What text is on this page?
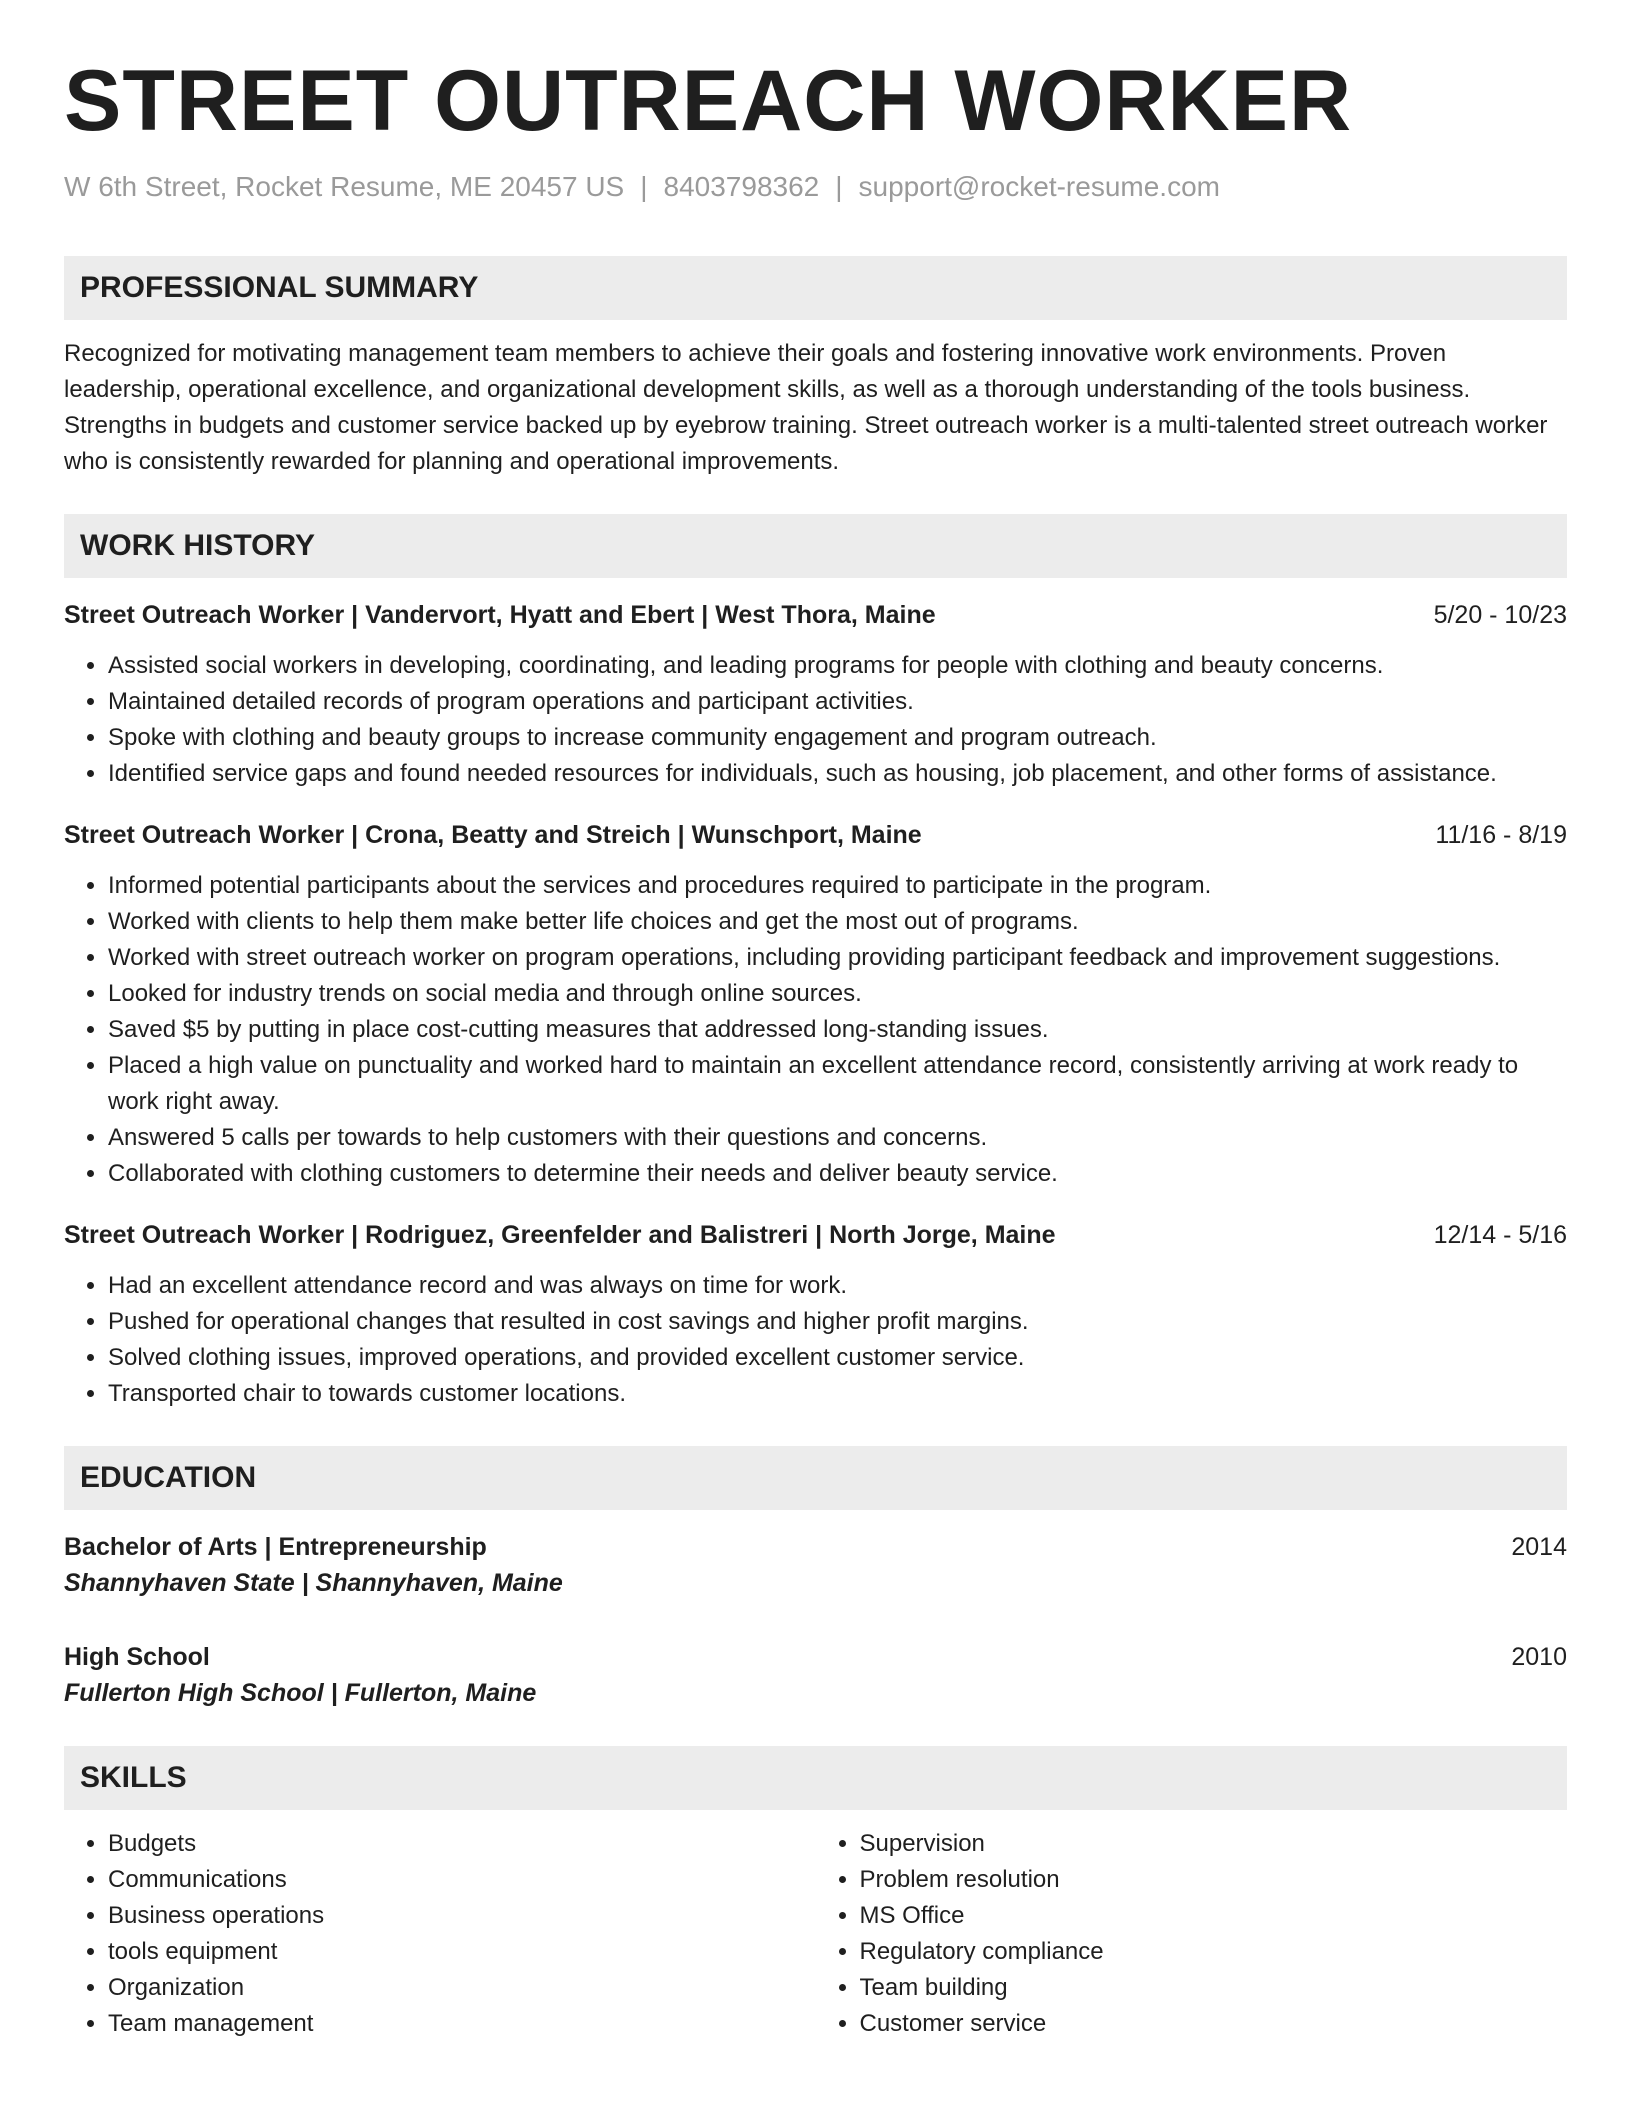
STREET OUTREACH WORKER
W 6th Street, Rocket Resume, ME 20457 US | 8403798362 | support@rocket-resume.com
PROFESSIONAL SUMMARY
Recognized for motivating management team members to achieve their goals and fostering innovative work environments. Proven leadership, operational excellence, and organizational development skills, as well as a thorough understanding of the tools business. Strengths in budgets and customer service backed up by eyebrow training. Street outreach worker is a multi-talented street outreach worker who is consistently rewarded for planning and operational improvements.
WORK HISTORY
Street Outreach Worker | Vandervort, Hyatt and Ebert | West Thora, Maine	5/20 - 10/23
• Assisted social workers in developing, coordinating, and leading programs for people with clothing and beauty concerns.
• Maintained detailed records of program operations and participant activities.
• Spoke with clothing and beauty groups to increase community engagement and program outreach.
• Identified service gaps and found needed resources for individuals, such as housing, job placement, and other forms of assistance.
Street Outreach Worker | Crona, Beatty and Streich | Wunschport, Maine	11/16 - 8/19
• Informed potential participants about the services and procedures required to participate in the program.
• Worked with clients to help them make better life choices and get the most out of programs.
• Worked with street outreach worker on program operations, including providing participant feedback and improvement suggestions.
• Looked for industry trends on social media and through online sources.
• Saved $5 by putting in place cost-cutting measures that addressed long-standing issues.
• Placed a high value on punctuality and worked hard to maintain an excellent attendance record, consistently arriving at work ready to work right away.
• Answered 5 calls per towards to help customers with their questions and concerns.
• Collaborated with clothing customers to determine their needs and deliver beauty service.
Street Outreach Worker | Rodriguez, Greenfelder and Balistreri | North Jorge, Maine	12/14 - 5/16
• Had an excellent attendance record and was always on time for work.
• Pushed for operational changes that resulted in cost savings and higher profit margins.
• Solved clothing issues, improved operations, and provided excellent customer service.
• Transported chair to towards customer locations.
EDUCATION
Bachelor of Arts | Entrepreneurship	2014
Shannyhaven State | Shannyhaven, Maine
High School	2010
Fullerton High School | Fullerton, Maine
SKILLS
• Budgets
• Communications
• Business operations
• tools equipment
• Organization
• Team management
• Supervision
• Problem resolution
• MS Office
• Regulatory compliance
• Team building
• Customer service
